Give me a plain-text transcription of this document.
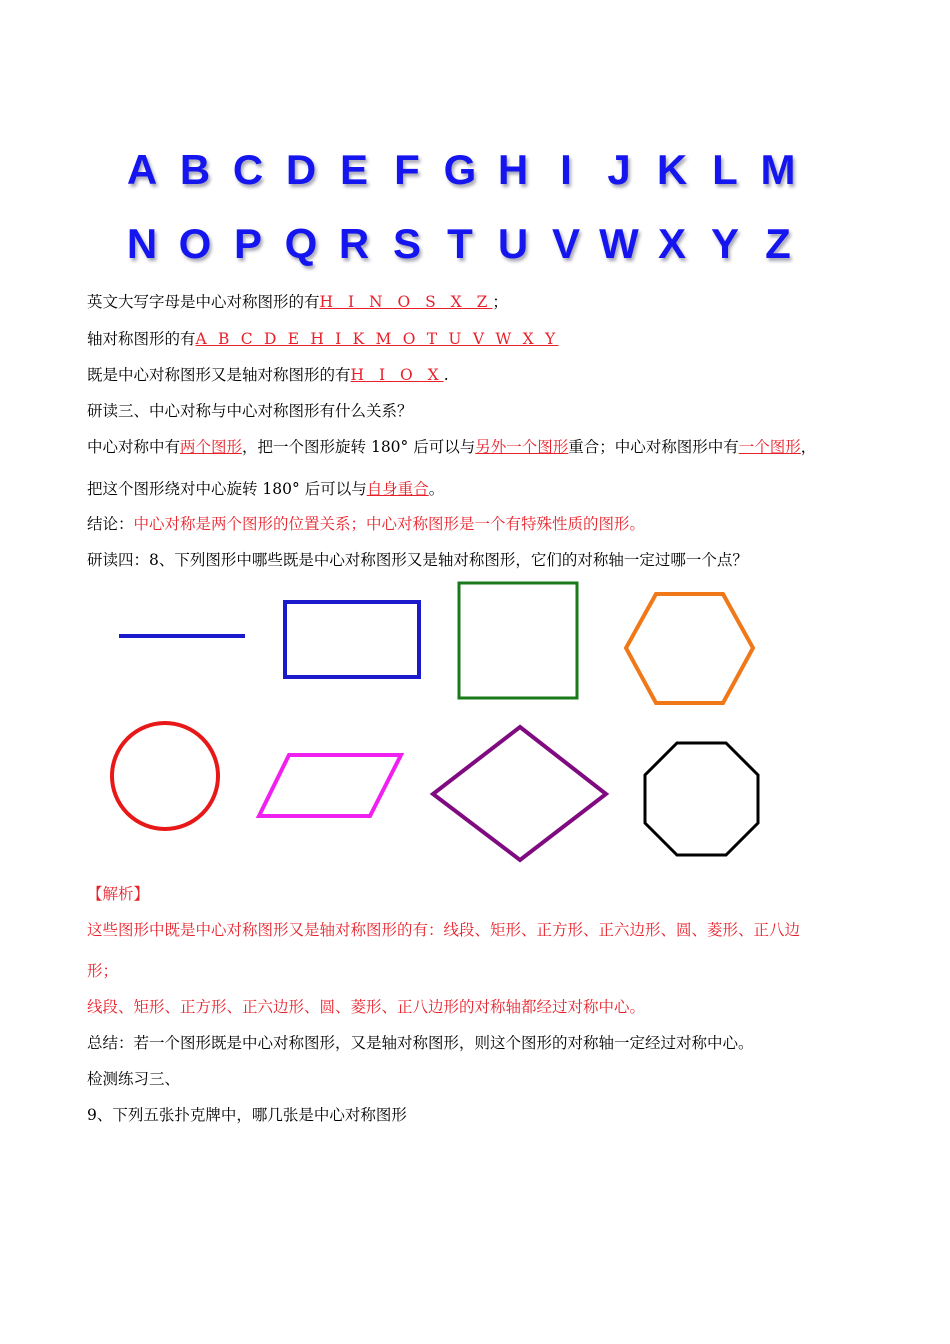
A B C D E F G H I J K L M
N O P Q R S T U V W X Y Z
英文大写字母是中心对称图形的有H I N O S X Z；
轴对称图形的有A B C D E H I K M O T U V W X Y
既是中心对称图形又是轴对称图形的有H I O X.
研读三、中心对称与中心对称图形有什么关系？
中心对称中有两个图形，把一个图形旋转 180° 后可以与另外一个图形重合；中心对称图形中有一个图形，
把这个图形绕对中心旋转 180° 后可以与自身重合。
结论：中心对称是两个图形的位置关系；中心对称图形是一个有特殊性质的图形。
研读四：8、下列图形中哪些既是中心对称图形又是轴对称图形，它们的对称轴一定过哪一个点？
【解析】
这些图形中既是中心对称图形又是轴对称图形的有：线段、矩形、正方形、正六边形、圆、菱形、正八边
形；
线段、矩形、正方形、正六边形、圆、菱形、正八边形的对称轴都经过对称中心。
总结：若一个图形既是中心对称图形，又是轴对称图形，则这个图形的对称轴一定经过对称中心。
检测练习三、
9、下列五张扑克牌中，哪几张是中心对称图形
